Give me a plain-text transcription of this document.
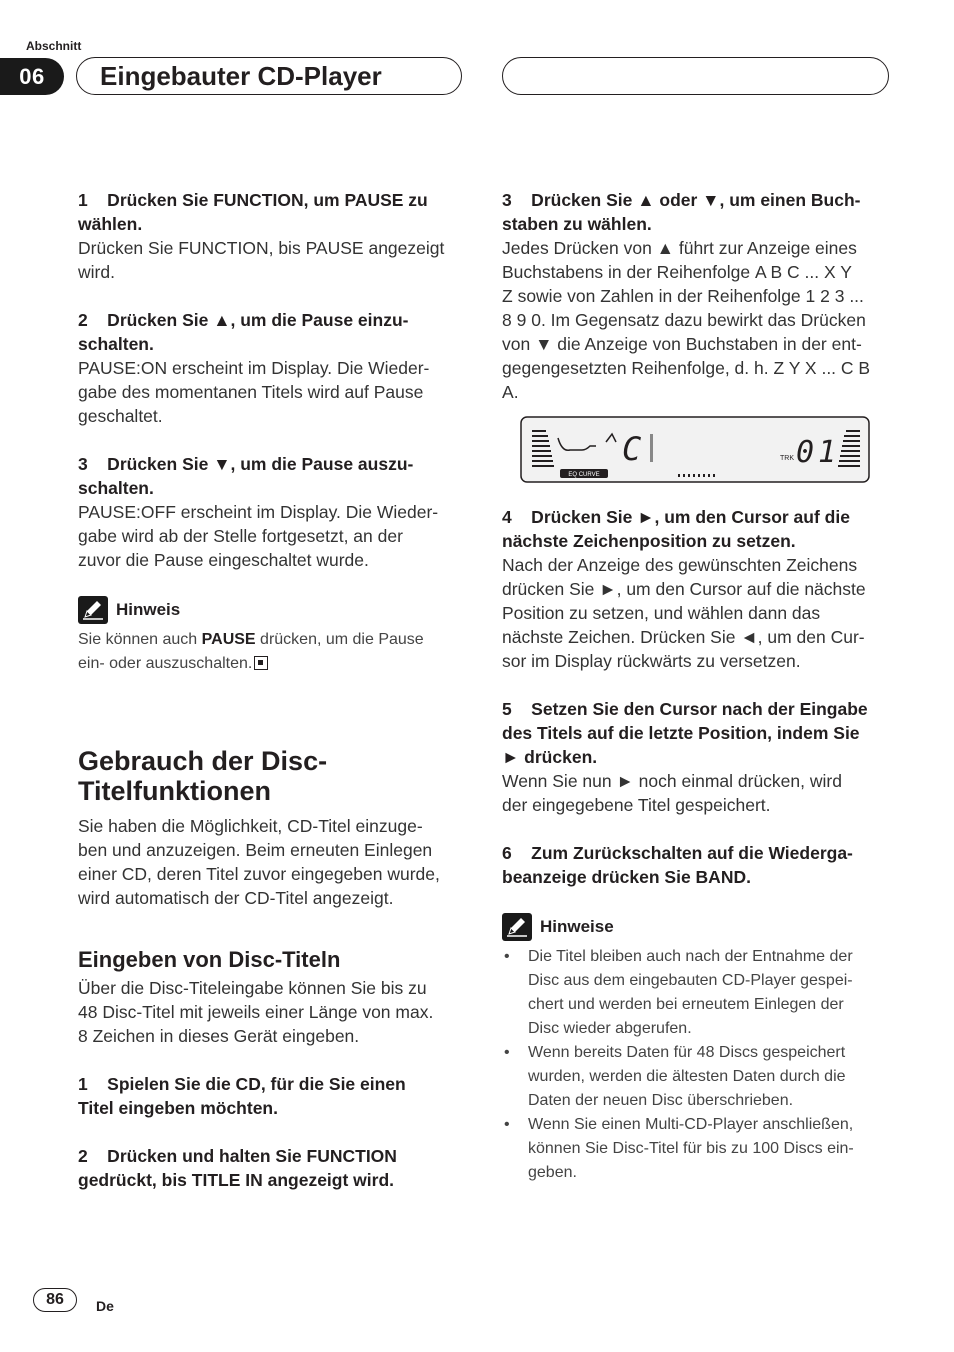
Abschnitt
06	Eingebauter CD-Player

1    Drücken Sie FUNCTION, um PAUSE zu
wählen.

Drücken Sie FUNCTION, bis PAUSE angezeigt
wird.

2    Drücken Sie ▲, um die Pause einzu-
schalten.

PAUSE:ON erscheint im Display. Die Wieder-
gabe des momentanen Titels wird auf Pause
geschaltet.

3    Drücken Sie ▼, um die Pause auszu-
schalten.

PAUSE:OFF erscheint im Display. Die Wieder-
gabe wird ab der Stelle fortgesetzt, an der
zuvor die Pause eingeschaltet wurde.

Hinweis

Sie können auch PAUSE drücken, um die Pause
ein- oder auszuschalten.

Gebrauch der Disc-
Titelfunktionen

Sie haben die Möglichkeit, CD-Titel einzuge-
ben und anzuzeigen. Beim erneuten Einlegen
einer CD, deren Titel zuvor eingegeben wurde,
wird automatisch der CD-Titel angezeigt.

Eingeben von Disc-Titeln

Über die Disc-Titeleingabe können Sie bis zu
48 Disc-Titel mit jeweils einer Länge von max.
8 Zeichen in dieses Gerät eingeben.

1    Spielen Sie die CD, für die Sie einen
Titel eingeben möchten.

2    Drücken und halten Sie FUNCTION
gedrückt, bis TITLE IN angezeigt wird.

3    Drücken Sie ▲ oder ▼, um einen Buch-
staben zu wählen.

Jedes Drücken von ▲ führt zur Anzeige eines
Buchstabens in der Reihenfolge A B C ... X Y
Z sowie von Zahlen in der Reihenfolge 1 2 3 ...
8 9 0. Im Gegensatz dazu bewirkt das Drücken
von ▼ die Anzeige von Buchstaben in der ent-
gegengesetzten Reihenfolge, d. h. Z Y X ... C B
A.

EQ CURVE
C	TRK 01

4    Drücken Sie ►, um den Cursor auf die
nächste Zeichenposition zu setzen.

Nach der Anzeige des gewünschten Zeichens
drücken Sie ►, um den Cursor auf die nächste
Position zu setzen, und wählen dann das
nächste Zeichen. Drücken Sie ◄, um den Cur-
sor im Display rückwärts zu versetzen.

5    Setzen Sie den Cursor nach der Eingabe
des Titels auf die letzte Position, indem Sie
► drücken.

Wenn Sie nun ► noch einmal drücken, wird
der eingegebene Titel gespeichert.

6    Zum Zurückschalten auf die Wiederga-
beanzeige drücken Sie BAND.

Hinweise
• Die Titel bleiben auch nach der Entnahme der
Disc aus dem eingebauten CD-Player gespei-
chert und werden bei erneutem Einlegen der
Disc wieder abgerufen.
• Wenn bereits Daten für 48 Discs gespeichert
wurden, werden die ältesten Daten durch die
Daten der neuen Disc überschrieben.
• Wenn Sie einen Multi-CD-Player anschließen,
können Sie Disc-Titel für bis zu 100 Discs ein-
geben.
86	De
